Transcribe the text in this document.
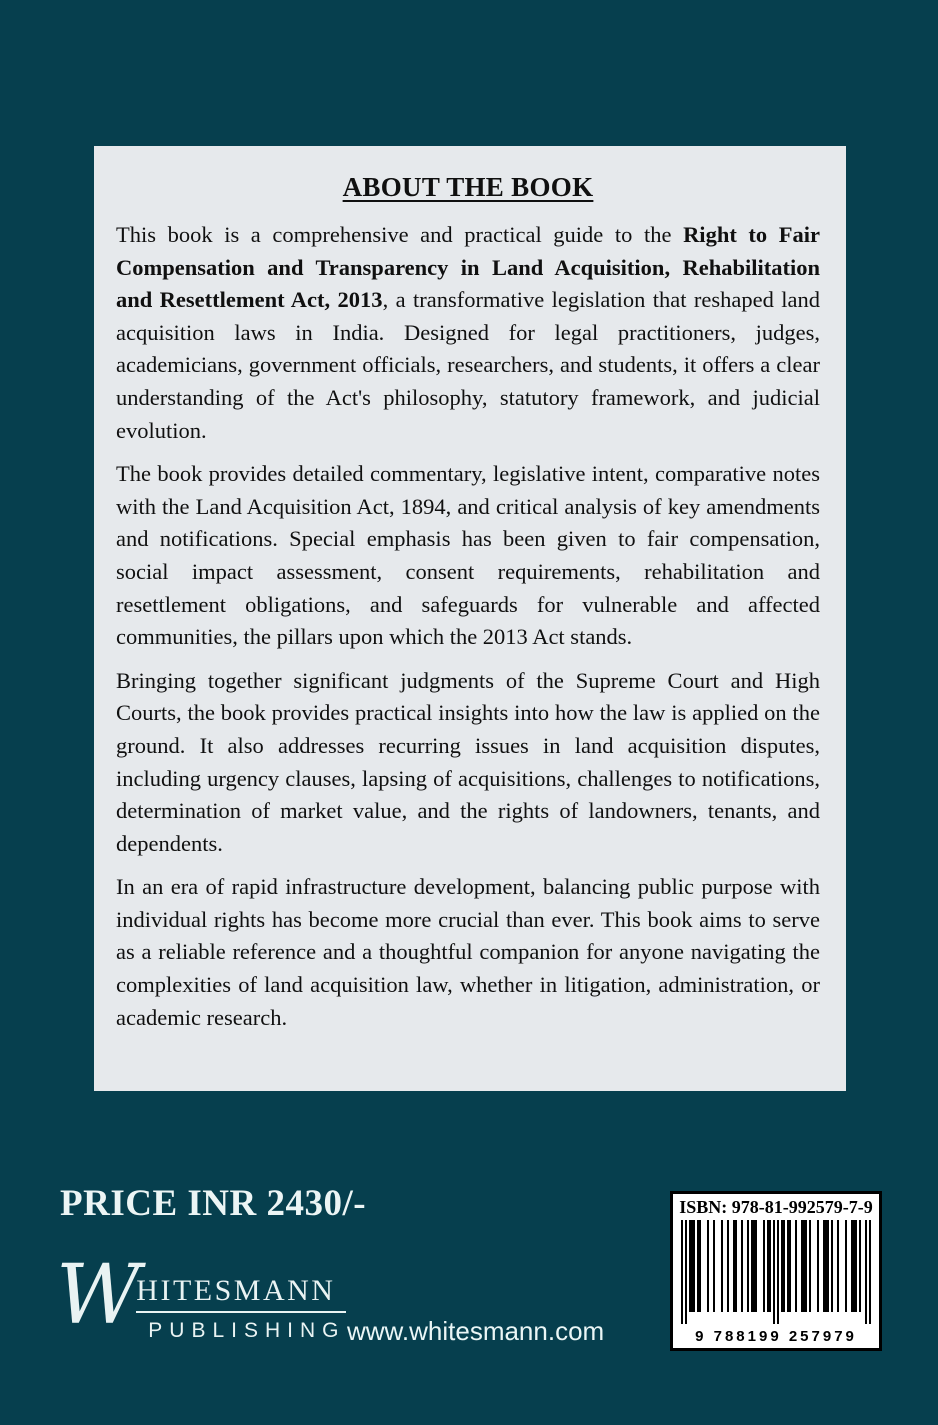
ABOUT THE BOOK

This book is a comprehensive and practical guide to the Right to Fair Compensation and Transparency in Land Acquisition, Rehabilitation and Resettlement Act, 2013, a transformative legislation that reshaped land acquisition laws in India. Designed for legal practitioners, judges, academicians, government officials, researchers, and students, it offers a clear understanding of the Act's philosophy, statutory framework, and judicial evolution.

The book provides detailed commentary, legislative intent, comparative notes with the Land Acquisition Act, 1894, and critical analysis of key amendments and notifications. Special emphasis has been given to fair compensation, social impact assessment, consent requirements, rehabilitation and resettlement obligations, and safeguards for vulnerable and affected communities, the pillars upon which the 2013 Act stands.

Bringing together significant judgments of the Supreme Court and High Courts, the book provides practical insights into how the law is applied on the ground. It also addresses recurring issues in land acquisition disputes, including urgency clauses, lapsing of acquisitions, challenges to notifications, determination of market value, and the rights of landowners, tenants, and dependents.

In an era of rapid infrastructure development, balancing public purpose with individual rights has become more crucial than ever. This book aims to serve as a reliable reference and a thoughtful companion for anyone navigating the complexities of land acquisition law, whether in litigation, administration, or academic research.

PRICE INR 2430/-
W
HITESMANN
PUBLISHING www.whitesmann.com
ISBN: 978-81-992579-7-9
9 788199 257979
